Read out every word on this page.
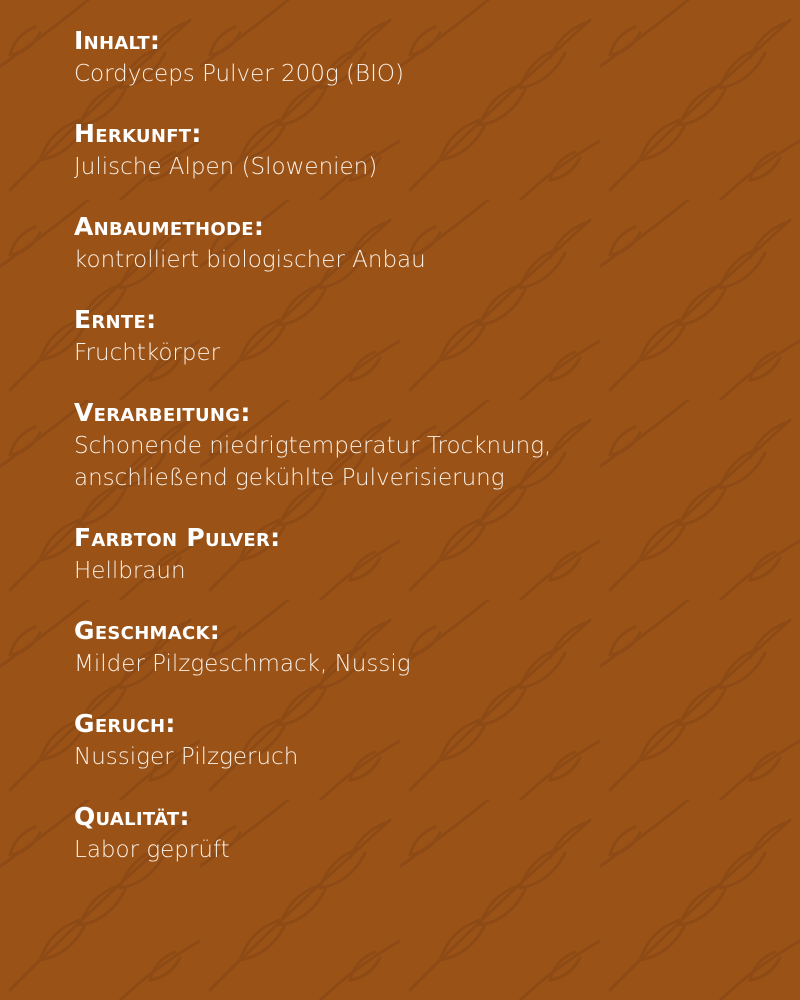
Inhalt:
Cordyceps Pulver 200g (BIO)
Herkunft:
Julische Alpen (Slowenien)
Anbaumethode:
kontrolliert biologischer Anbau
Ernte:
Fruchtkörper
Verarbeitung:
Schonende niedrigtemperatur Trocknung,
anschließend gekühlte Pulverisierung
Farbton Pulver:
Hellbraun
Geschmack:
Milder Pilzgeschmack, Nussig
Geruch:
Nussiger Pilzgeruch
Qualität:
Labor geprüft
